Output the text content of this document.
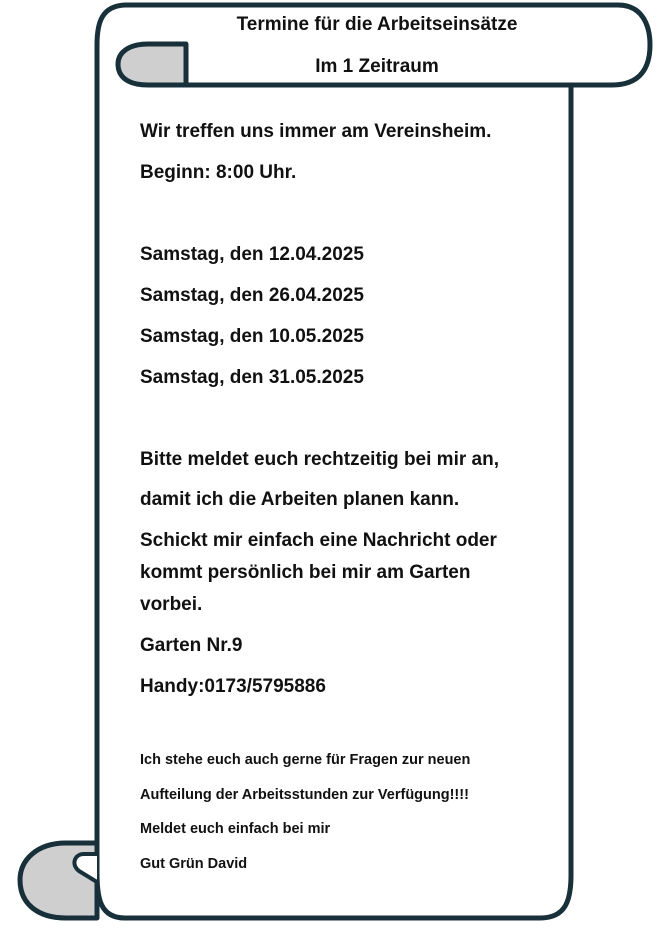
Termine für die Arbeitseinsätze
Im 1 Zeitraum
Wir treffen uns immer am Vereinsheim.
Beginn: 8:00 Uhr.
Samstag, den 12.04.2025
Samstag, den 26.04.2025
Samstag, den 10.05.2025
Samstag, den 31.05.2025
Bitte meldet euch rechtzeitig bei mir an,
damit ich die Arbeiten planen kann.
Schickt mir einfach eine Nachricht oder
kommt persönlich bei mir am Garten
vorbei.
Garten Nr.9
Handy:0173/5795886
Ich stehe euch auch gerne für Fragen zur neuen
Aufteilung der Arbeitsstunden zur Verfügung!!!!
Meldet euch einfach bei mir
Gut Grün David
